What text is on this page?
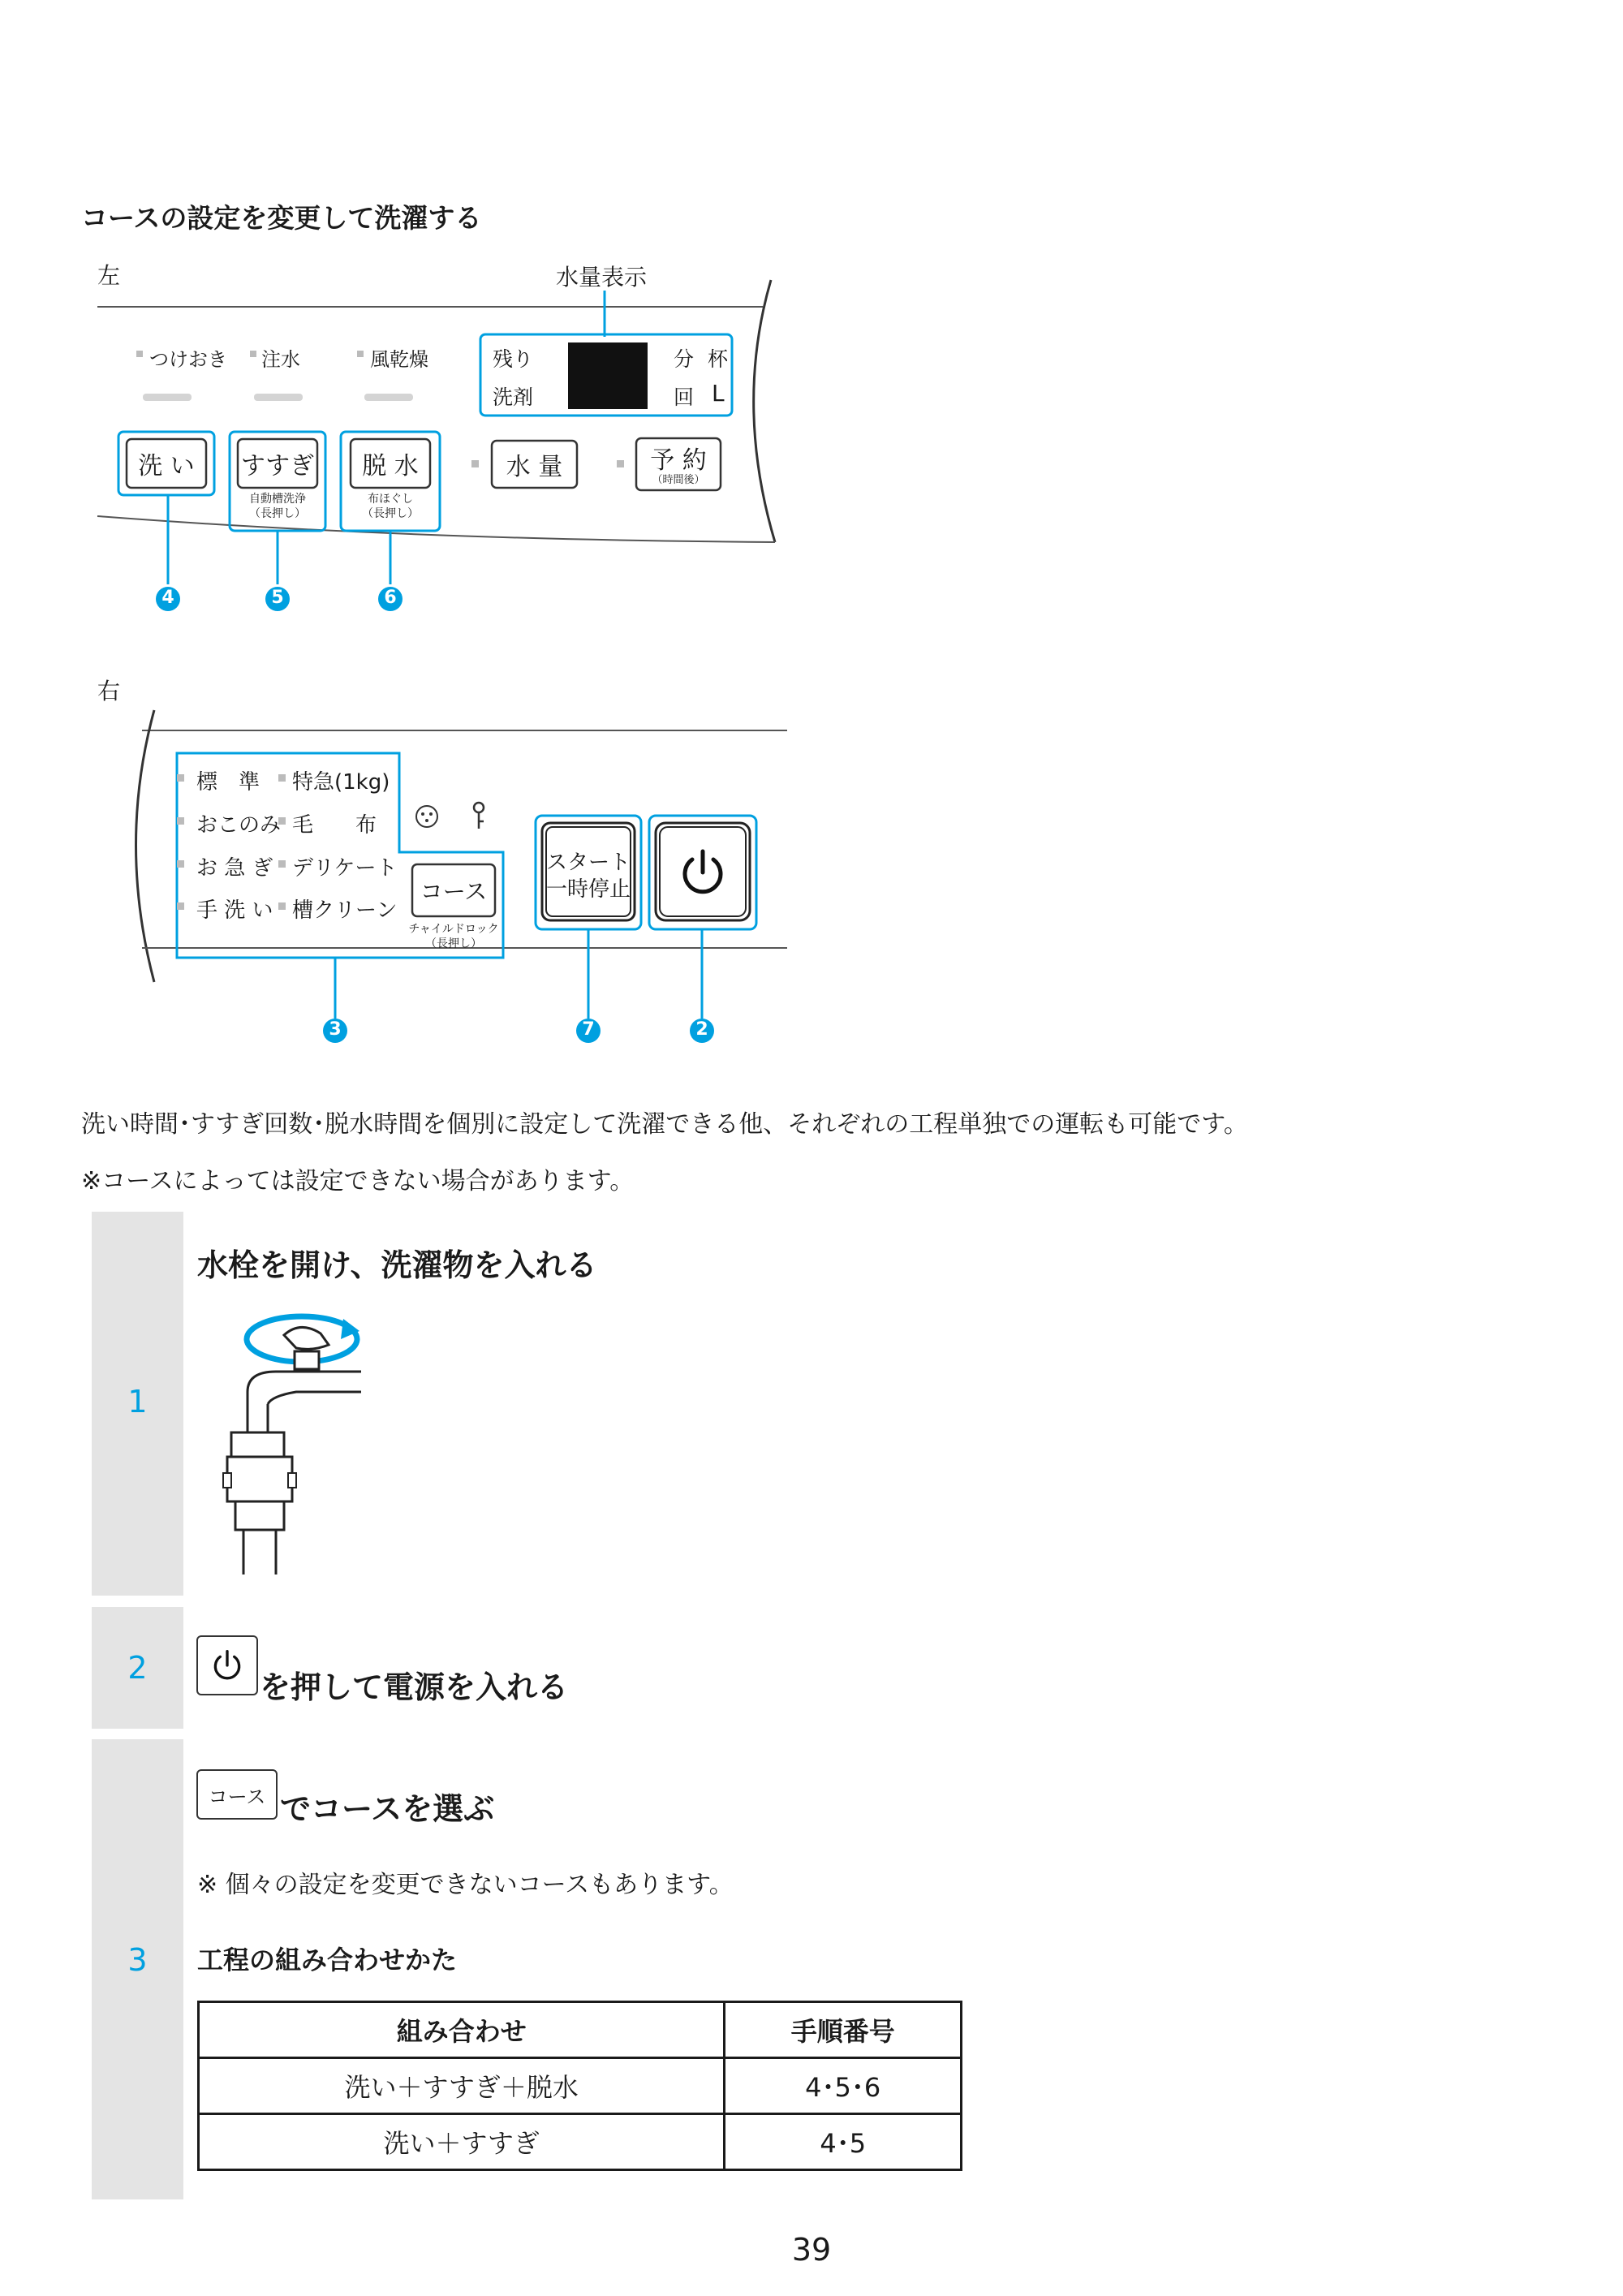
コースの設定を変更して洗濯する
左	水量表示
つけおき 注水	風乾燥	残り
洗剤
分 杯
回 L
洗 い	すすぎ
自動槽洗浄
（長押し）
脱 水
布ほぐし
（長押し）
水 量	予 約
（時間後）
4	5	6
右
標　準 特急(1kg)
おこのみ 毛　　布
お 急 ぎ デリケート
手 洗 い 槽クリーン
コース
チャイルドロック
（長押し）
スタート
一時停止
3	7	2
洗い時間･すすぎ回数･脱水時間を個別に設定して洗濯できる他、それぞれの工程単独での運転も可能です。
※コースによっては設定できない場合があります。
1
水栓を開け、洗濯物を入れる
2
を押して電源を入れる
3
コース でコースを選ぶ
※ 個々の設定を変更できないコースもあります。
工程の組み合わせかた
組み合わせ	手順番号
洗い＋すすぎ＋脱水	4･5･6
洗い＋すすぎ	4･5
39
